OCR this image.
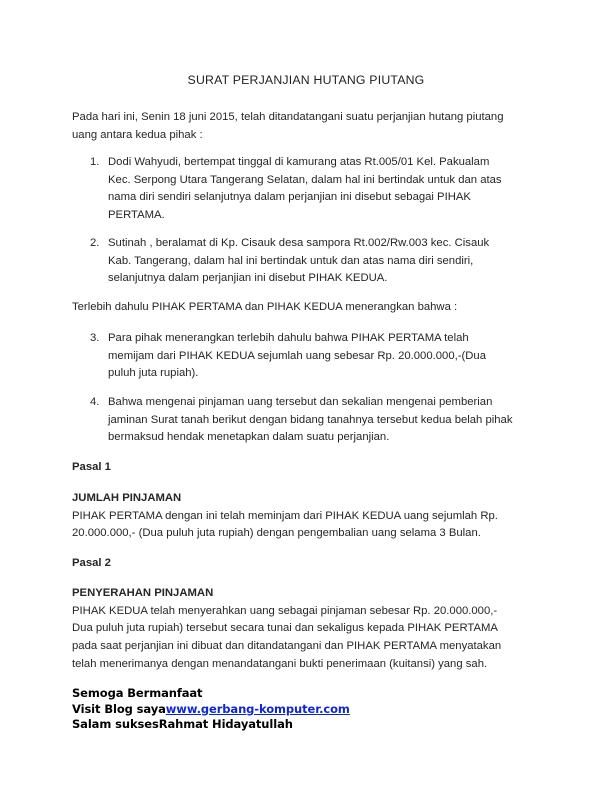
SURAT PERJANJIAN HUTANG PIUTANG
Pada hari ini, Senin 18 juni 2015, telah ditandatangani suatu perjanjian hutang piutang
uang antara kedua pihak :
1. Dodi Wahyudi, bertempat tinggal di kamurang atas Rt.005/01 Kel. Pakualam
Kec. Serpong Utara Tangerang Selatan, dalam hal ini bertindak untuk dan atas
nama diri sendiri selanjutnya dalam perjanjian ini disebut sebagai PIHAK
PERTAMA.
2. Sutinah , beralamat di Kp. Cisauk desa sampora Rt.002/Rw.003 kec. Cisauk
Kab. Tangerang, dalam hal ini bertindak untuk dan atas nama diri sendiri,
selanjutnya dalam perjanjian ini disebut PIHAK KEDUA.
Terlebih dahulu PIHAK PERTAMA dan PIHAK KEDUA menerangkan bahwa :
3. Para pihak menerangkan terlebih dahulu bahwa PIHAK PERTAMA telah
memijam dari PIHAK KEDUA sejumlah uang sebesar Rp. 20.000.000,-(Dua
puluh juta rupiah).
4. Bahwa mengenai pinjaman uang tersebut dan sekalian mengenai pemberian
jaminan Surat tanah berikut dengan bidang tanahnya tersebut kedua belah pihak
bermaksud hendak menetapkan dalam suatu perjanjian.
Pasal 1
JUMLAH PINJAMAN
PIHAK PERTAMA dengan ini telah meminjam dari PIHAK KEDUA uang sejumlah Rp.
20.000.000,- (Dua puluh juta rupiah) dengan pengembalian uang selama 3 Bulan.
Pasal 2
PENYERAHAN PINJAMAN
PIHAK KEDUA telah menyerahkan uang sebagai pinjaman sebesar Rp. 20.000.000,-
Dua puluh juta rupiah) tersebut secara tunai dan sekaligus kepada PIHAK PERTAMA
pada saat perjanjian ini dibuat dan ditandatangani dan PIHAK PERTAMA menyatakan
telah menerimanya dengan menandatangani bukti penerimaan (kuitansi) yang sah.
Semoga Bermanfaat
Visit Blog sayawww.gerbang-komputer.com
Salam suksesRahmat Hidayatullah
